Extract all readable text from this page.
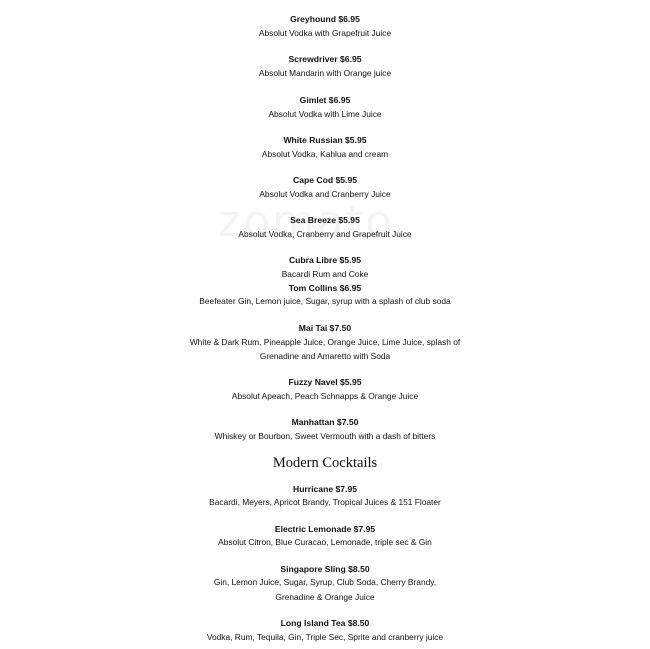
Greyhound $6.95
Absolut Vodka with Grapefruit Juice
Screwdriver $6.95
Absolut Mandarin with Orange juice
Gimlet $6.95
Absolut Vodka with Lime Juice
White Russian $5.95
Absolut Vodka, Kahlua and cream
Cape Cod $5.95
Absolut Vodka and Cranberry Juice
Sea Breeze $5.95
Absolut Vodka, Cranberry and Grapefruit Juice
Cubra Libre $5.95
Bacardi Rum and Coke
Tom Collins $6.95
Beefeater Gin, Lemon juice, Sugar, syrup with a splash of club soda
Mai Tai $7.50
White & Dark Rum, Pineapple Juice, Orange Juice, Lime Juice, splash of
Grenadine and Amaretto with Soda
Fuzzy Navel $5.95
Absolut Apeach, Peach Schnapps & Orange Juice
Manhattan $7.50
Whiskey or Bourbon, Sweet Vermouth with a dash of bitters
Modern Cocktails
Hurricane $7.95
Bacardi, Meyers, Apricot Brandy, Tropical Juices & 151 Floater
Electric Lemonade $7.95
Absolut Citron, Blue Curacao, Lemonade, triple sec & Gin
Singapore Sling $8.50
Gin, Lemon Juice, Sugar, Syrup, Club Soda, Cherry Brandy,
Grenadine & Orange Juice
Long Island Tea $8.50
Vodka, Rum, Tequila, Gin, Triple Sec, Sprite and cranberry juice
